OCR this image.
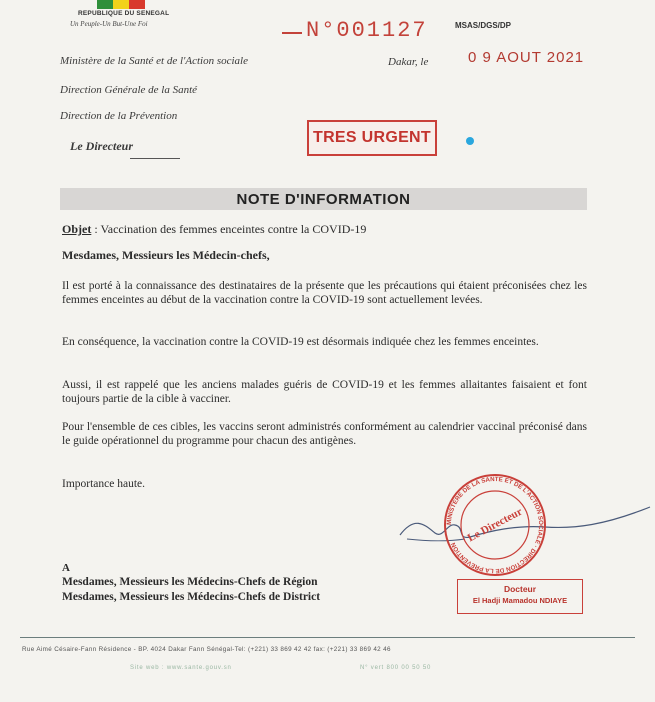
REPUBLIQUE DU SENEGAL
Un Peuple-Un But-Une Foi
Ministère de la Santé et de l'Action sociale
Direction Générale de la Santé
Direction de la Prévention
Le Directeur
N°001127	MSAS/DGS/DP
Dakar, le	0 9 AOUT 2021
TRES URGENT
NOTE D'INFORMATION
Objet : Vaccination des femmes enceintes contre la COVID-19
Mesdames, Messieurs les Médecin-chefs,
Il est porté à la connaissance des destinataires de la présente que les précautions qui étaient préconisées chez les femmes enceintes au début de la vaccination contre la COVID-19 sont actuellement levées.
En conséquence, la vaccination contre la COVID-19 est désormais indiquée chez les femmes enceintes.
Aussi, il est rappelé que les anciens malades guéris de COVID-19 et les femmes allaitantes faisaient et font toujours partie de la cible à vacciner.
Pour l'ensemble de ces cibles, les vaccins seront administrés conformément au calendrier vaccinal préconisé dans le guide opérationnel du programme pour chacun des antigènes.
Importance haute.
MINISTERE DE LA SANTE ET DE L'ACTION SOCIALE · DIRECTION DE LA PREVENTION
Le Directeur
Docteur
El Hadji Mamadou NDIAYE
A
Mesdames, Messieurs les Médecins-Chefs de Région
Mesdames, Messieurs les Médecins-Chefs de District
Rue Aimé Césaire-Fann Résidence - BP. 4024 Dakar Fann Sénégal-Tel: (+221) 33 869 42 42 fax: (+221) 33 869 42 46
Site web : www.sante.gouv.sn	N° vert 800 00 50 50
